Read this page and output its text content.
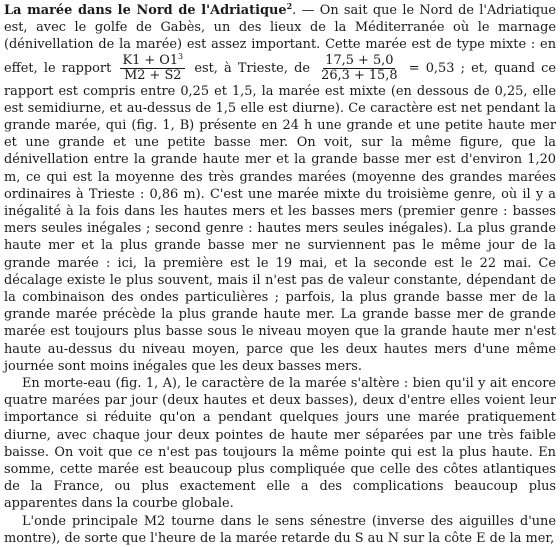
La marée dans le Nord de l'Adriatique$^2$. — On sait que le Nord de l'Adriatique est, avec le golfe de Gabès, un des lieux de la Méditerranée où le marnage (dénivellation de la marée) est assez important. Cette marée est de type mixte : en effet, le rapport $\frac{K1 + O1^3}{M2 + S2}$ est, à Trieste, de $\frac{17,5 + 5,0}{26,3 + 15,8} = 0,53$ ; et, quand ce rapport est compris entre 0,25 et 1,5, la marée est mixte (en dessous de 0,25, elle est semidiurne, et au-dessus de 1,5 elle est diurne). Ce caractère est net pendant la grande marée, qui (fig. 1, B) présente en 24 h une grande et une petite haute mer et une grande et une petite basse mer. On voit, sur la même figure, que la dénivellation entre la grande haute mer et la grande basse mer est d'environ 1,20 m, ce qui est la moyenne des très grandes marées (moyenne des grandes marées ordinaires à Trieste : 0,86 m). C'est une marée mixte du troisième genre, où il y a inégalité à la fois dans les hautes mers et les basses mers (premier genre : basses mers seules inégales ; second genre : hautes mers seules inégales). La plus grande haute mer et la plus grande basse mer ne surviennent pas le même jour de la grande marée : ici, la première est le 19 mai, et la seconde est le 22 mai. Ce décalage existe le plus souvent, mais il n'est pas de valeur constante, dépendant de la combinaison des ondes particulières ; parfois, la plus grande basse mer de la grande marée précède la plus grande haute mer. La grande basse mer de grande marée est toujours plus basse sous le niveau moyen que la grande haute mer n'est haute au-dessus du niveau moyen, parce que les deux hautes mers d'une même journée sont moins inégales que les deux basses mers.

En morte-eau (fig. 1, A), le caractère de la marée s'altère : bien qu'il y ait encore quatre marées par jour (deux hautes et deux basses), deux d'entre elles voient leur importance si réduite qu'on a pendant quelques jours une marée pratiquement diurne, avec chaque jour deux pointes de haute mer séparées par une très faible baisse. On voit que ce n'est pas toujours la même pointe qui est la plus haute. En somme, cette marée est beaucoup plus compliquée que celle des côtes atlantiques de la France, ou plus exactement elle a des complications beaucoup plus apparentes dans la courbe globale.

L'onde principale M2 tourne dans le sens sénestre (inverse des aiguilles d'une montre), de sorte que l'heure de la marée retarde du S au N sur la côte E de la mer,
